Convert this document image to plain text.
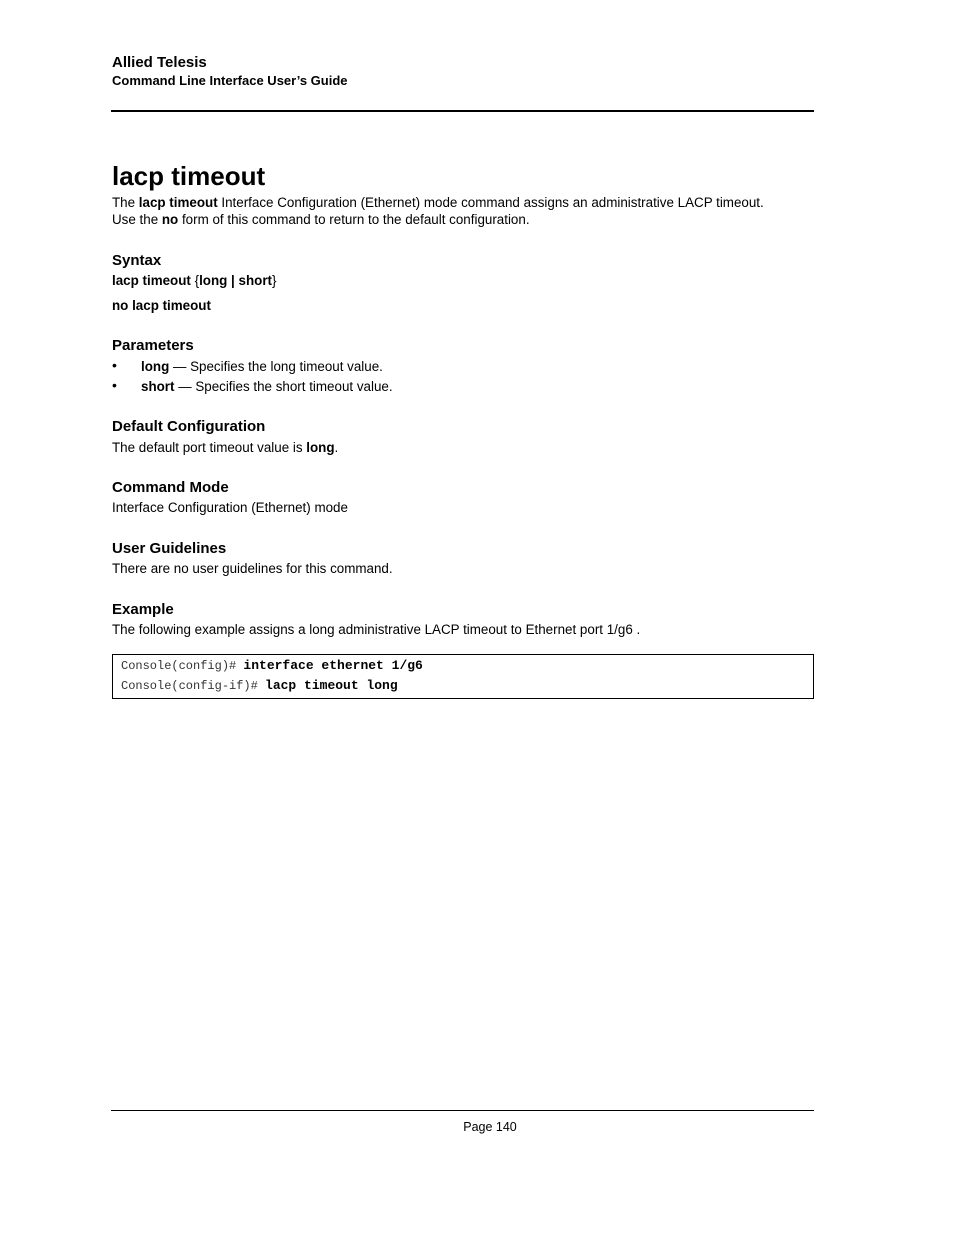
Allied Telesis
Command Line Interface User’s Guide
lacp timeout
The lacp timeout Interface Configuration (Ethernet) mode command assigns an administrative LACP timeout.
Use the no form of this command to return to the default configuration.
Syntax
lacp timeout {long | short}
no lacp timeout
Parameters
• long — Specifies the long timeout value.
• short — Specifies the short timeout value.
Default Configuration
The default port timeout value is long.
Command Mode
Interface Configuration (Ethernet) mode
User Guidelines
There are no user guidelines for this command.
Example
The following example assigns a long administrative LACP timeout to Ethernet port 1/g6 .
Console(config)# interface ethernet 1/g6
Console(config-if)# lacp timeout long
Page 140
